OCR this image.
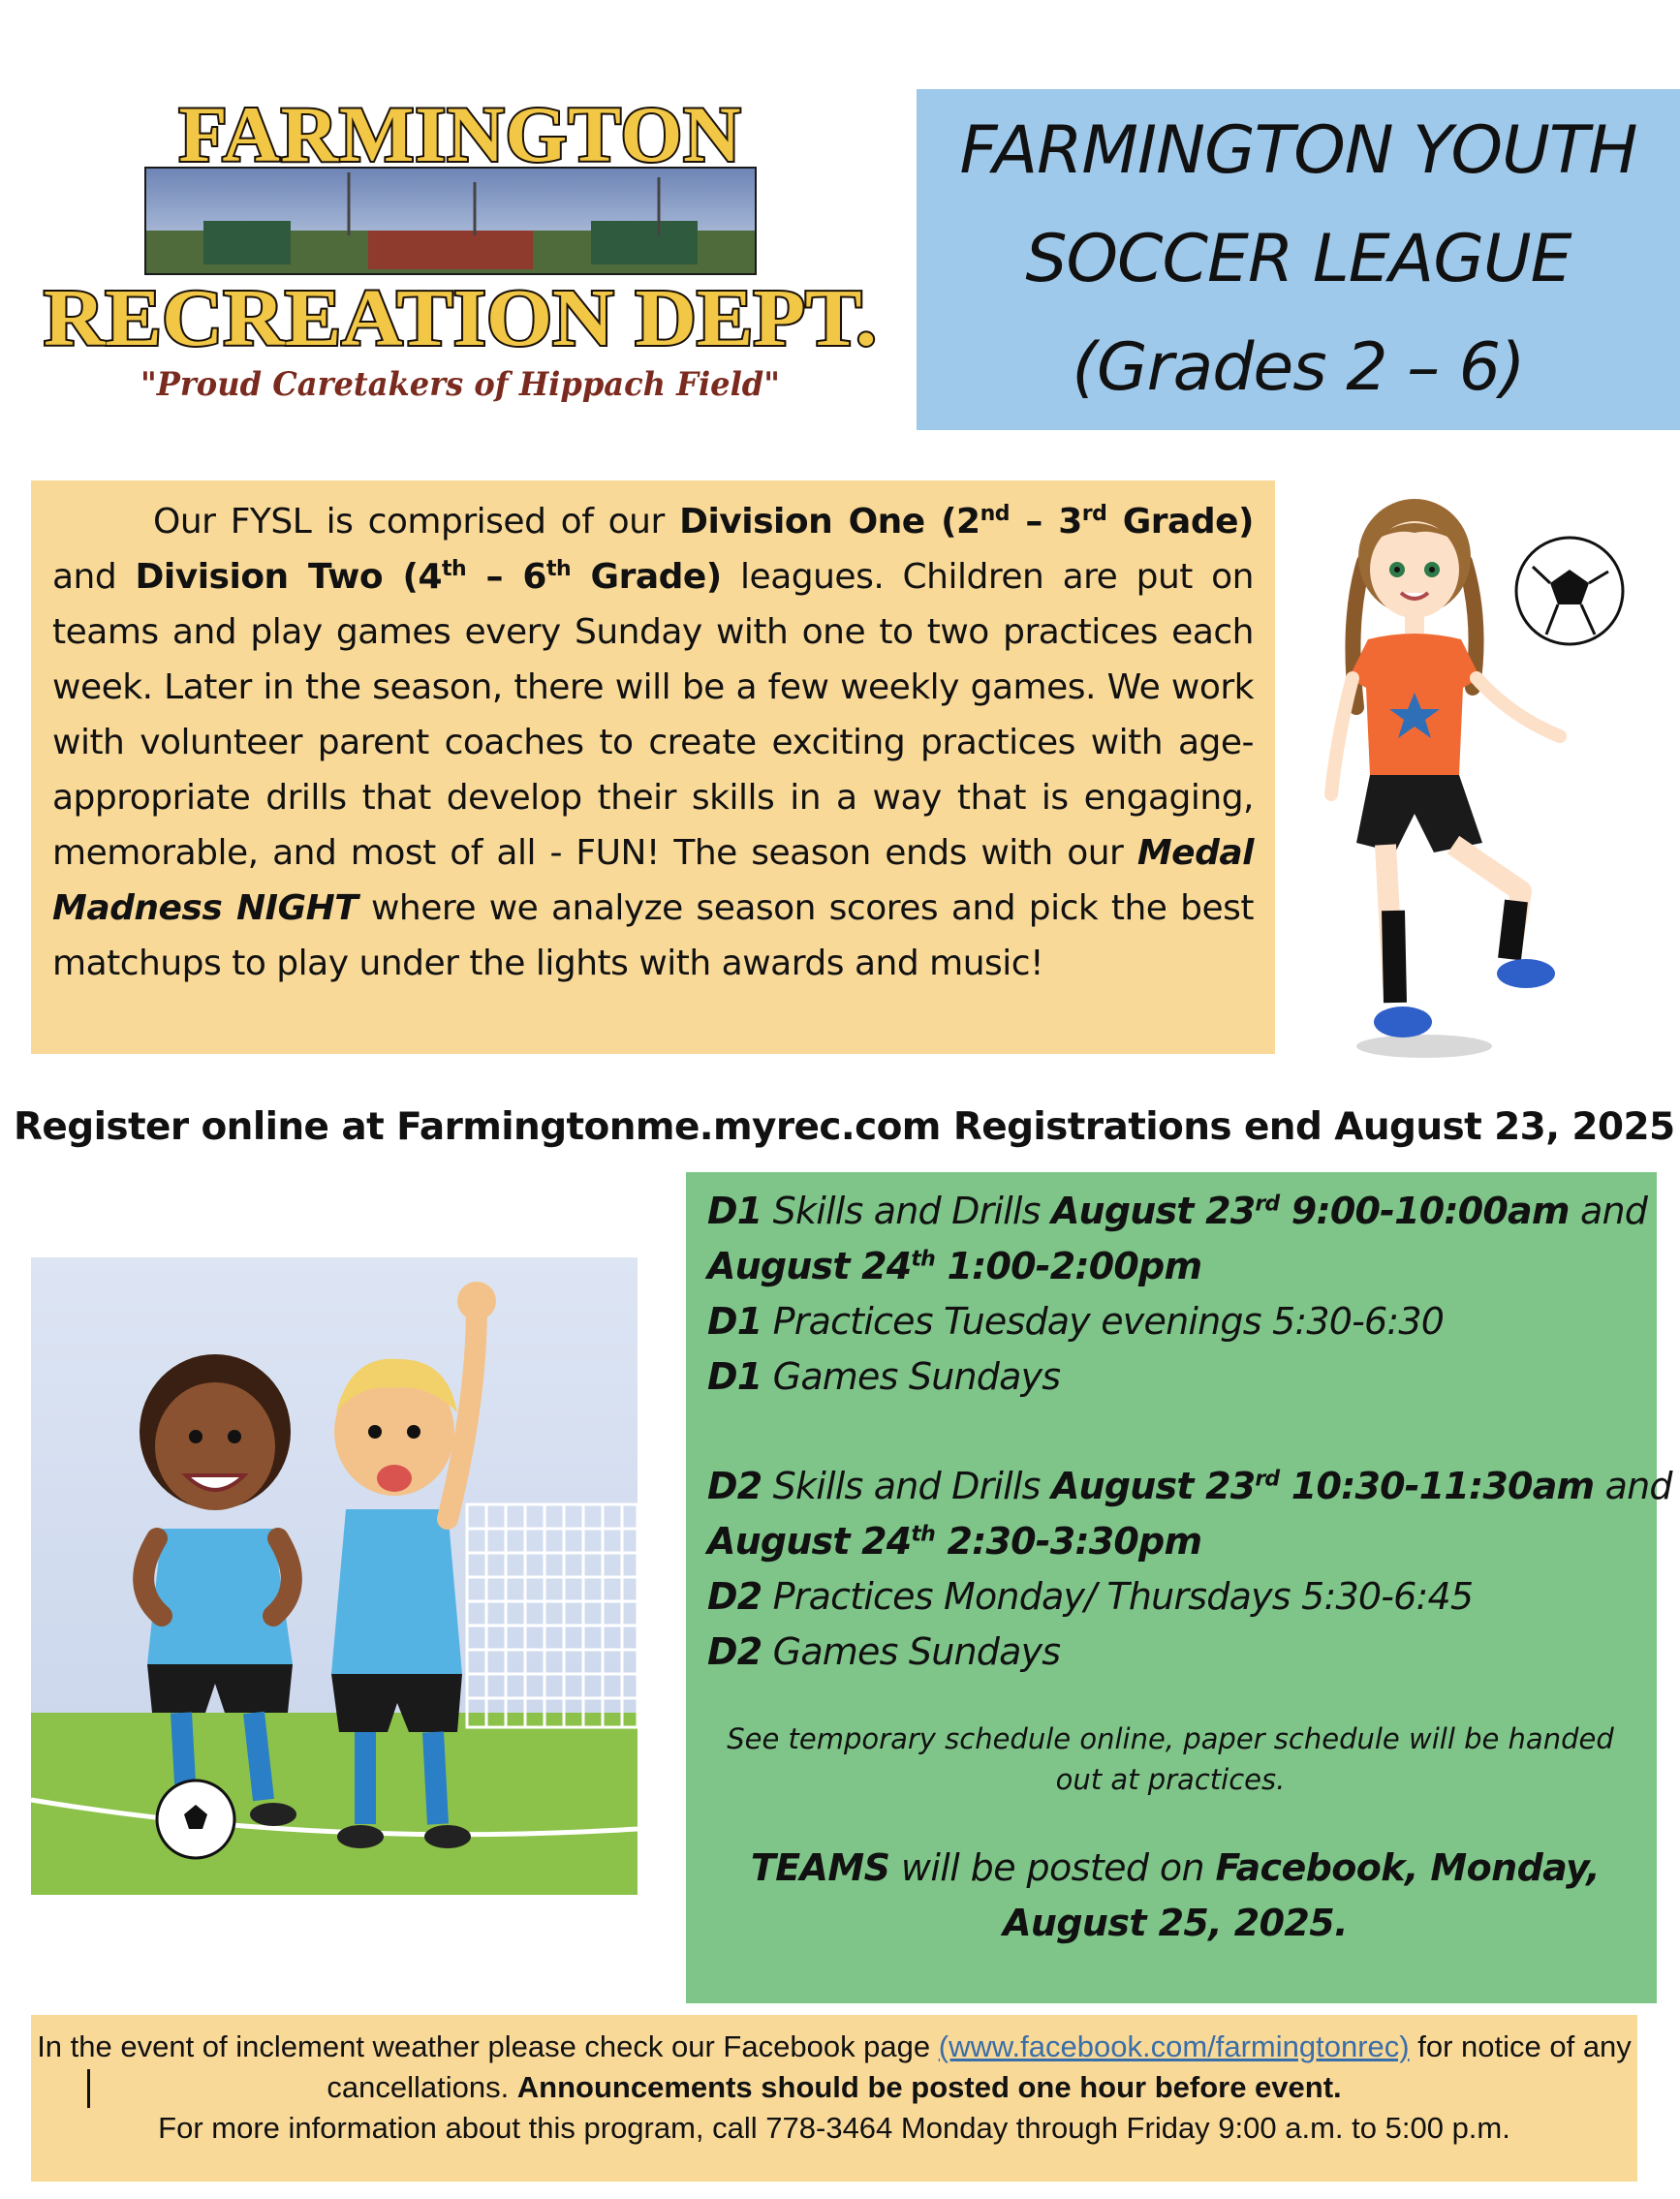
FARMINGTON
RECREATION DEPT.
"Proud Caretakers of Hippach Field"
FARMINGTON YOUTH
SOCCER LEAGUE
(Grades 2 – 6)

Our FYSL is comprised of our Division One (2nd – 3rd Grade) and Division Two (4th – 6th Grade) leagues. Children are put on teams and play games every Sunday with one to two practices each week. Later in the season, there will be a few weekly games. We work with volunteer parent coaches to create exciting practices with age-appropriate drills that develop their skills in a way that is engaging, memorable, and most of all - FUN! The season ends with our Medal Madness NIGHT where we analyze season scores and pick the best matchups to play under the lights with awards and music!

Register online at Farmingtonme.myrec.com Registrations end August 23, 2025
D1 Skills and Drills August 23rd 9:00-10:00am and
August 24th 1:00-2:00pm
D1 Practices Tuesday evenings 5:30-6:30
D1 Games Sundays
D2 Skills and Drills August 23rd 10:30-11:30am and
August 24th 2:30-3:30pm
D2 Practices Monday/ Thursdays 5:30-6:45
D2 Games Sundays
See temporary schedule online, paper schedule will be handed out at practices.
TEAMS will be posted on Facebook, Monday, August 25, 2025.
In the event of inclement weather please check our Facebook page (www.facebook.com/farmingtonrec) for notice of any cancellations. Announcements should be posted one hour before event.
For more information about this program, call 778-3464 Monday through Friday 9:00 a.m. to 5:00 p.m.
